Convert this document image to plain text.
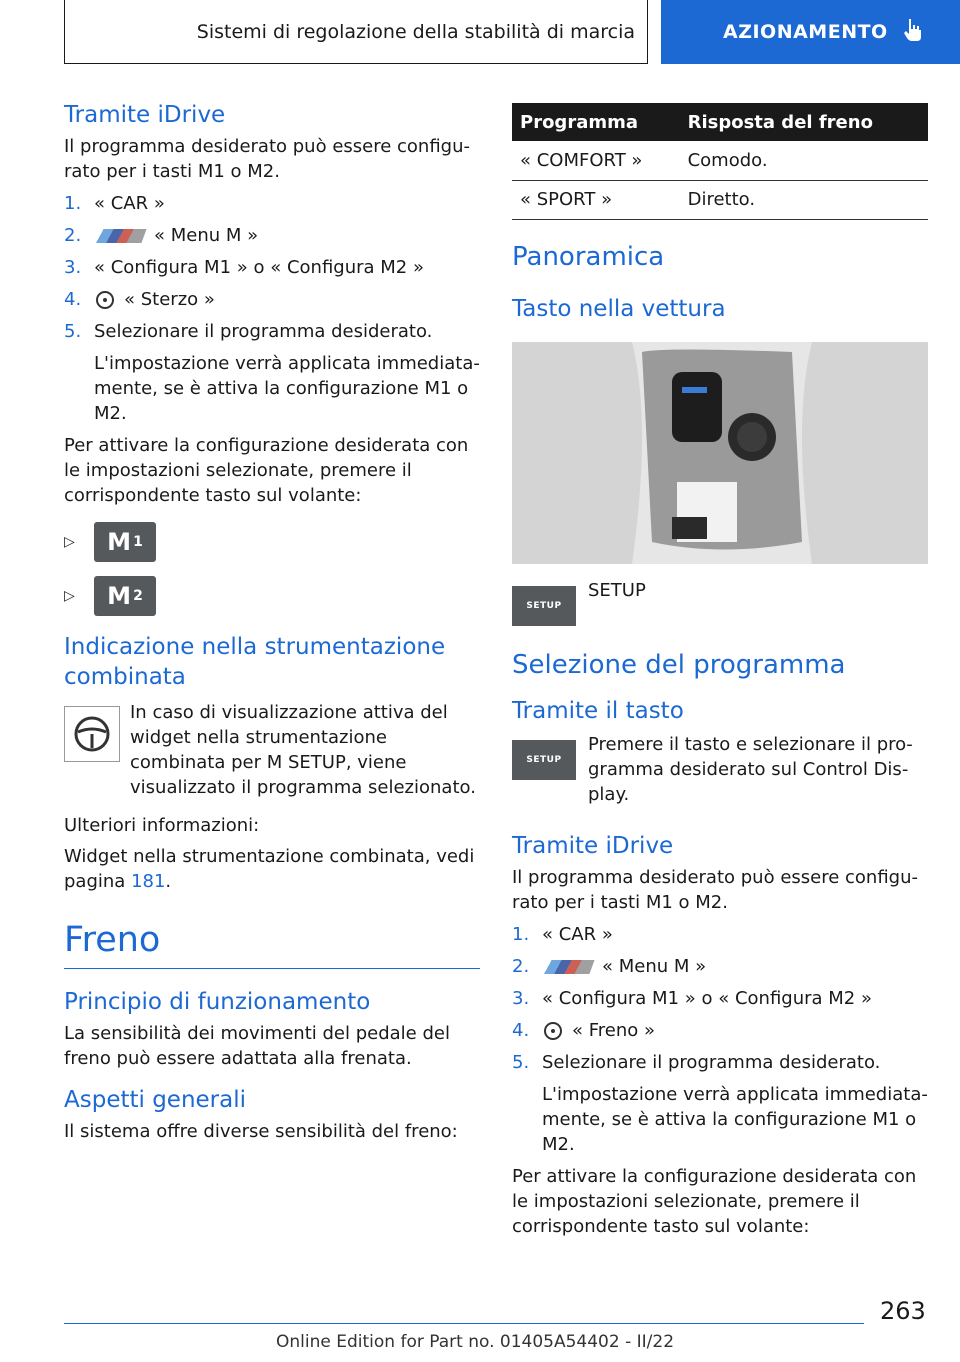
Sistemi di regolazione della stabilità di marcia	AZIONAMENTO
Tramite iDrive

Il programma desiderato può essere configurato per i tasti M1 o M2.

1. « CAR »
2.	« Menu M »
3. « Configura M1 » o « Configura M2 »
4.	« Sterzo »
5. Selezionare il programma desiderato.

L'impostazione verrà applicata immediatamente, se è attiva la configurazione M1 o M2.

Per attivare la configurazione desiderata con le impostazioni selezionate, premere il corrispondente tasto sul volante:

▷	M 1
▷	M 2
Indicazione nella strumentazione combinata

In caso di visualizzazione attiva del widget nella strumentazione combinata per M SETUP, viene visualizzato il programma selezionato.

Ulteriori informazioni:

Widget nella strumentazione combinata, vedi pagina 181.

Freno
Principio di funzionamento

La sensibilità dei movimenti del pedale del freno può essere adattata alla frenata.

Aspetti generali

Il sistema offre diverse sensibilità del freno:

Programma	Risposta del freno
« COMFORT »	Comodo.
« SPORT »	Diretto.
Panoramica
Tasto nella vettura
SETUP

SETUP

Selezione del programma
Tramite il tasto
SETUP

Premere il tasto e selezionare il programma desiderato sul Control Display.

Tramite iDrive

Il programma desiderato può essere configurato per i tasti M1 o M2.

1. « CAR »
2.	« Menu M »
3. « Configura M1 » o « Configura M2 »
4.	« Freno »
5. Selezionare il programma desiderato.

L'impostazione verrà applicata immediatamente, se è attiva la configurazione M1 o M2.

Per attivare la configurazione desiderata con le impostazioni selezionate, premere il corrispondente tasto sul volante:

263
Online Edition for Part no. 01405A54402 - II/22
